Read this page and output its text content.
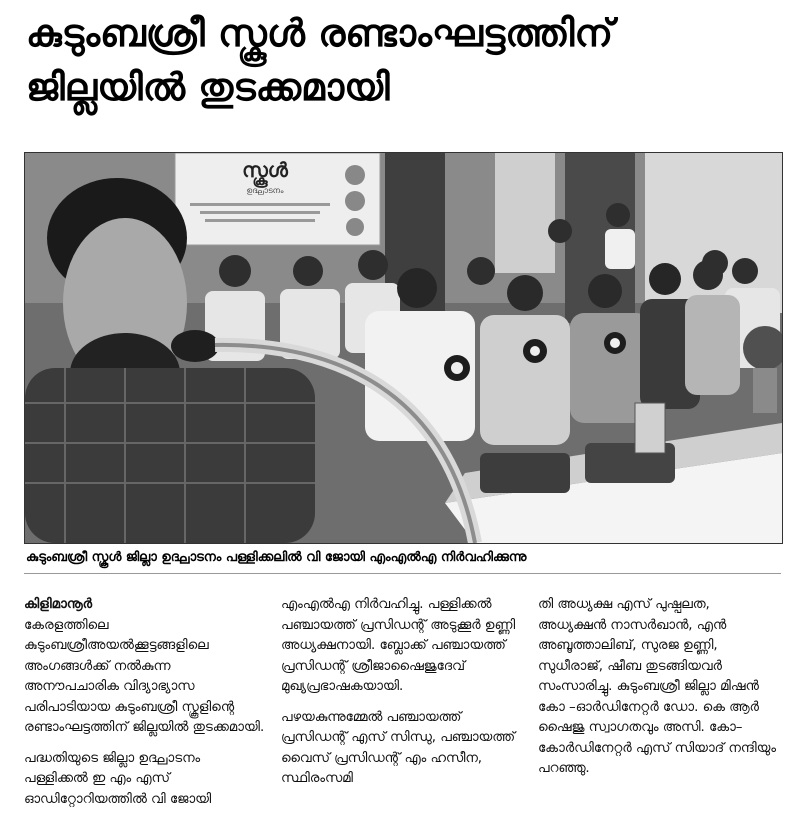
കുടുംബശ്രീ സ്കൂൾ രണ്ടാംഘട്ടത്തിന്
ജില്ലയിൽ തുടക്കമായി
സ്കൂൾ
ഉദ്ഘാടനം
കുടുംബശ്രീ സ്കൂൾ ജില്ലാ ഉദ്ഘാടനം പള്ളിക്കലിൽ വി ജോയി എംഎൽഎ നിർവഹിക്കുന്നു

കിളിമാനൂർ
കേരളത്തിലെ കുടുംബശ്രീഅയൽക്കൂട്ടങ്ങളിലെ അംഗങ്ങൾക്ക് നൽകുന്ന അനൗപചാരിക വിദ്യാഭ്യാസ പരിപാടിയായ കുടുംബശ്രീ സ്കൂളിന്റെ രണ്ടാംഘട്ടത്തിന് ജില്ലയിൽ തുടക്കമായി.

പദ്ധതിയുടെ ജില്ലാ ഉദ്ഘാടനം പള്ളിക്കൽ ഇ എം എസ് ഓഡിറ്റോറിയത്തിൽ വി ജോയി

എംഎൽഎ നിർവഹിച്ചു. പള്ളിക്കൽ പഞ്ചായത്ത് പ്രസിഡന്റ് അടുക്കൂർ ഉണ്ണി അധ്യക്ഷനായി. ബ്ലോക്ക് പഞ്ചായത്ത് പ്രസിഡന്റ് ശ്രീജാഷൈജുദേവ് മുഖ്യപ്രഭാഷകയായി.

പഴയകുന്നുമ്മേൽ പഞ്ചായത്ത് പ്രസിഡന്റ് എസ് സിന്ധു, പഞ്ചായത്ത് വൈസ് പ്രസിഡന്റ് എം ഹസീന, സ്ഥിരംസമി

തി അധ്യക്ഷ എസ് പുഷ്പലത, അധ്യക്ഷൻ നാസർഖാൻ, എൻ അബൂത്താലിബ്, സുരജ ഉണ്ണി, സുധീരാജ്, ഷീബ തുടങ്ങിയവർ സംസാരിച്ചു. കുടുംബശ്രീ ജില്ലാ മിഷൻ കോ –ഓർഡിനേറ്റർ ഡോ. കെ ആർ ഷൈജു സ്വാഗതവും അസി. കോ–കോർഡിനേറ്റർ എസ് സിയാദ് നന്ദിയും പറഞ്ഞു.
